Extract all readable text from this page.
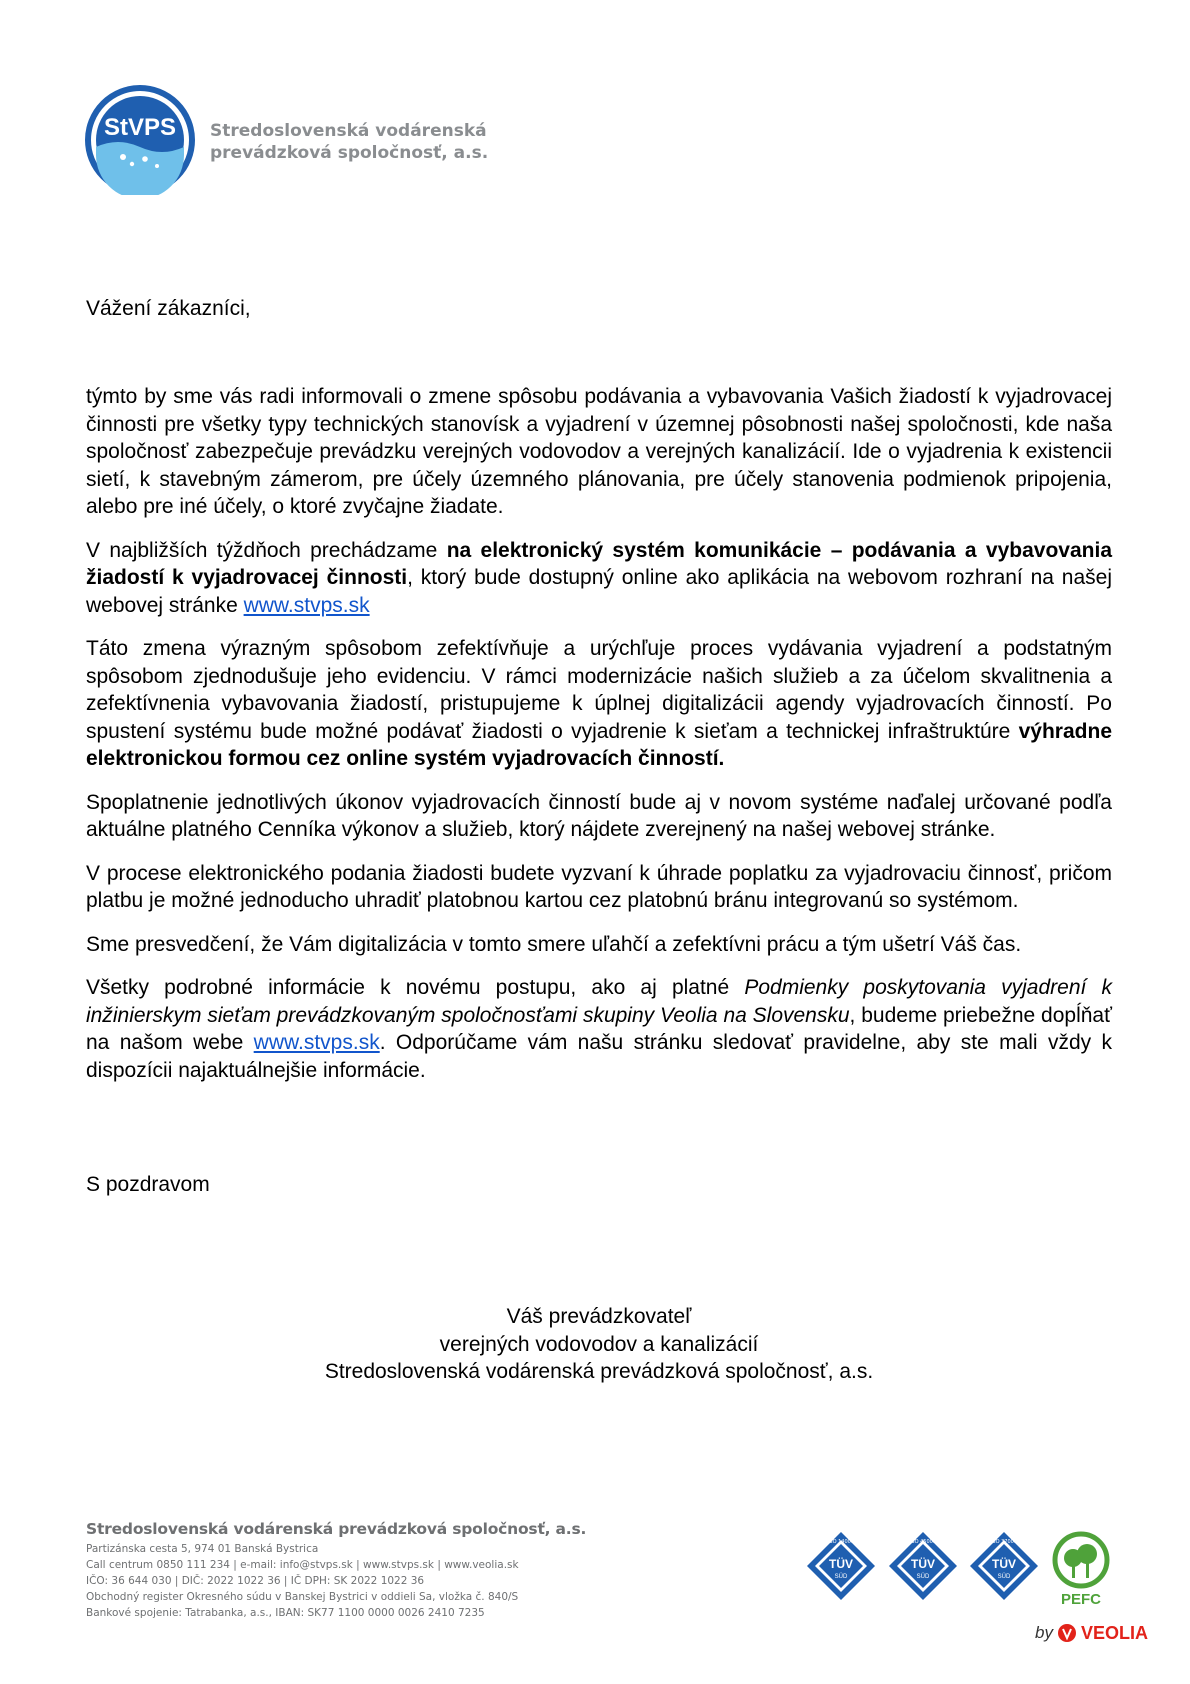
StVPS Stredoslovenská vodárenská
prevádzková spoločnosť, a.s.
Vážení zákazníci,

týmto by sme vás radi informovali o zmene spôsobu podávania a vybavovania Vašich žiadostí k vyjadrovacej činnosti pre všetky typy technických stanovísk a vyjadrení v územnej pôsobnosti našej spoločnosti, kde naša spoločnosť zabezpečuje prevádzku verejných vodovodov a verejných kanalizácií. Ide o vyjadrenia k existencii sietí, k stavebným zámerom, pre účely územného plánovania, pre účely stanovenia podmienok pripojenia, alebo pre iné účely, o ktoré zvyčajne žiadate.

V najbližších týždňoch prechádzame na elektronický systém komunikácie – podávania a vybavovania žiadostí k vyjadrovacej činnosti, ktorý bude dostupný online ako aplikácia na webovom rozhraní na našej webovej stránke www.stvps.sk

Táto zmena výrazným spôsobom zefektívňuje a urýchľuje proces vydávania vyjadrení a podstatným spôsobom zjednodušuje jeho evidenciu. V rámci modernizácie našich služieb a za účelom skvalitnenia a zefektívnenia vybavovania žiadostí, pristupujeme k úplnej digitalizácii agendy vyjadrovacích činností. Po spustení systému bude možné podávať žiadosti o vyjadrenie k sieťam a technickej infraštruktúre výhradne elektronickou formou cez online systém vyjadrovacích činností.

Spoplatnenie jednotlivých úkonov vyjadrovacích činností bude aj v novom systéme naďalej určované podľa aktuálne platného Cenníka výkonov a služieb, ktorý nájdete zverejnený na našej webovej stránke.

V procese elektronického podania žiadosti budete vyzvaní k úhrade poplatku za vyjadrovaciu činnosť, pričom platbu je možné jednoducho uhradiť platobnou kartou cez platobnú bránu integrovanú so systémom.

Sme presvedčení, že Vám digitalizácia v tomto smere uľahčí a zefektívni prácu a tým ušetrí Váš čas.

Všetky podrobné informácie k novému postupu, ako aj platné Podmienky poskytovania vyjadrení k inžinierskym sieťam prevádzkovaným spoločnosťami skupiny Veolia na Slovensku, budeme priebežne dopĺňať na našom webe www.stvps.sk. Odporúčame vám našu stránku sledovať pravidelne, aby ste mali vždy k dispozícii najaktuálnejšie informácie.

S pozdravom
Váš prevádzkovateľ
verejných vodovodov a kanalizácií
Stredoslovenská vodárenská prevádzková spoločnosť, a.s.
Stredoslovenská vodárenská prevádzková spoločnosť, a.s.
Partizánska cesta 5, 974 01 Banská Bystrica
Call centrum 0850 111 234 | e-mail: info@stvps.sk | www.stvps.sk | www.veolia.sk
IČO: 36 644 030 | DIČ: 2022 1022 36 | IČ DPH: SK 2022 1022 36
Obchodný register Okresného súdu v Banskej Bystrici v oddieli Sa, vložka č. 840/S
Bankové spojenie: Tatrabanka, a.s., IBAN: SK77 1100 0000 0026 2410 7235
ISO 14001
TÜV
SÜD
ISO 45001
TÜV
SÜD
ISO 37001
TÜV
SÜD
PEFC
by VEOLIA
